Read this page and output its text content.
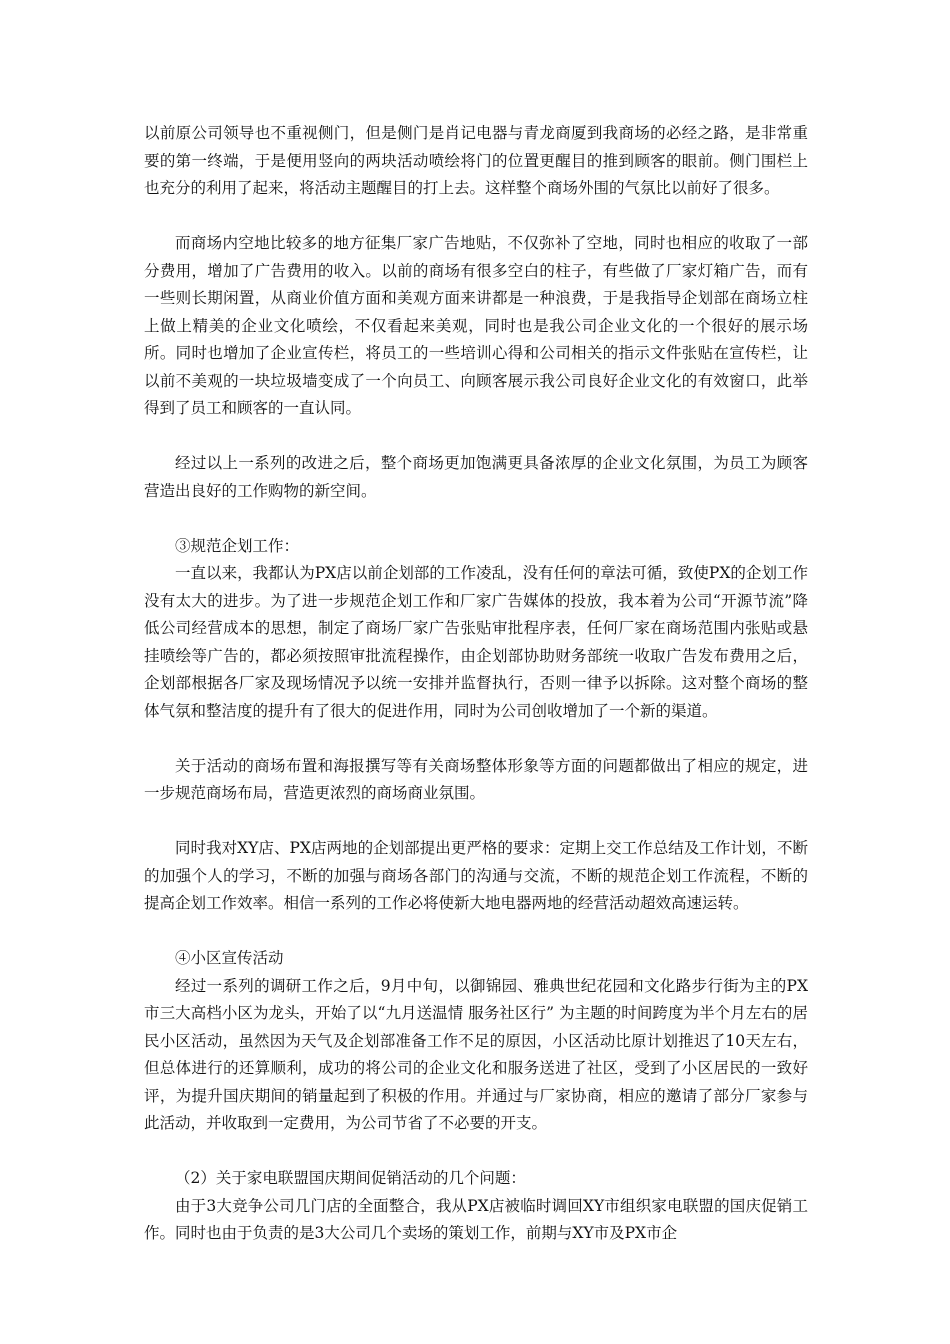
以前原公司领导也不重视侧门，但是侧门是肖记电器与青龙商厦到我商场的必经之路，是非常重要的第一终端，于是便用竖向的两块活动喷绘将门的位置更醒目的推到顾客的眼前。侧门围栏上也充分的利用了起来，将活动主题醒目的打上去。这样整个商场外围的气氛比以前好了很多。

而商场内空地比较多的地方征集厂家广告地贴，不仅弥补了空地，同时也相应的收取了一部分费用，增加了广告费用的收入。以前的商场有很多空白的柱子，有些做了厂家灯箱广告，而有一些则长期闲置，从商业价值方面和美观方面来讲都是一种浪费，于是我指导企划部在商场立柱上做上精美的企业文化喷绘，不仅看起来美观，同时也是我公司企业文化的一个很好的展示场所。同时也增加了企业宣传栏，将员工的一些培训心得和公司相关的指示文件张贴在宣传栏，让以前不美观的一块垃圾墙变成了一个向员工、向顾客展示我公司良好企业文化的有效窗口，此举得到了员工和顾客的一直认同。

经过以上一系列的改进之后，整个商场更加饱满更具备浓厚的企业文化氛围，为员工为顾客营造出良好的工作购物的新空间。

③规范企划工作：

一直以来，我都认为PX店以前企划部的工作凌乱，没有任何的章法可循，致使PX的企划工作没有太大的进步。为了进一步规范企划工作和厂家广告媒体的投放，我本着为公司“开源节流”降低公司经营成本的思想，制定了商场厂家广告张贴审批程序表，任何厂家在商场范围内张贴或悬挂喷绘等广告的，都必须按照审批流程操作，由企划部协助财务部统一收取广告发布费用之后，企划部根据各厂家及现场情况予以统一安排并监督执行，否则一律予以拆除。这对整个商场的整体气氛和整洁度的提升有了很大的促进作用，同时为公司创收增加了一个新的渠道。

关于活动的商场布置和海报撰写等有关商场整体形象等方面的问题都做出了相应的规定，进一步规范商场布局，营造更浓烈的商场商业氛围。

同时我对XY店、PX店两地的企划部提出更严格的要求：定期上交工作总结及工作计划，不断的加强个人的学习，不断的加强与商场各部门的沟通与交流，不断的规范企划工作流程，不断的提高企划工作效率。相信一系列的工作必将使新大地电器两地的经营活动超效高速运转。

④小区宣传活动

经过一系列的调研工作之后，9月中旬，以御锦园、雅典世纪花园和文化路步行街为主的PX市三大高档小区为龙头，开始了以“九月送温情 服务社区行” 为主题的时间跨度为半个月左右的居民小区活动，虽然因为天气及企划部准备工作不足的原因，小区活动比原计划推迟了10天左右，但总体进行的还算顺利，成功的将公司的企业文化和服务送进了社区，受到了小区居民的一致好评，为提升国庆期间的销量起到了积极的作用。并通过与厂家协商，相应的邀请了部分厂家参与此活动，并收取到一定费用，为公司节省了不必要的开支。

（2）关于家电联盟国庆期间促销活动的几个问题：

由于3大竞争公司几门店的全面整合，我从PX店被临时调回XY市组织家电联盟的国庆促销工作。同时也由于负责的是3大公司几个卖场的策划工作，前期与XY市及PX市企
